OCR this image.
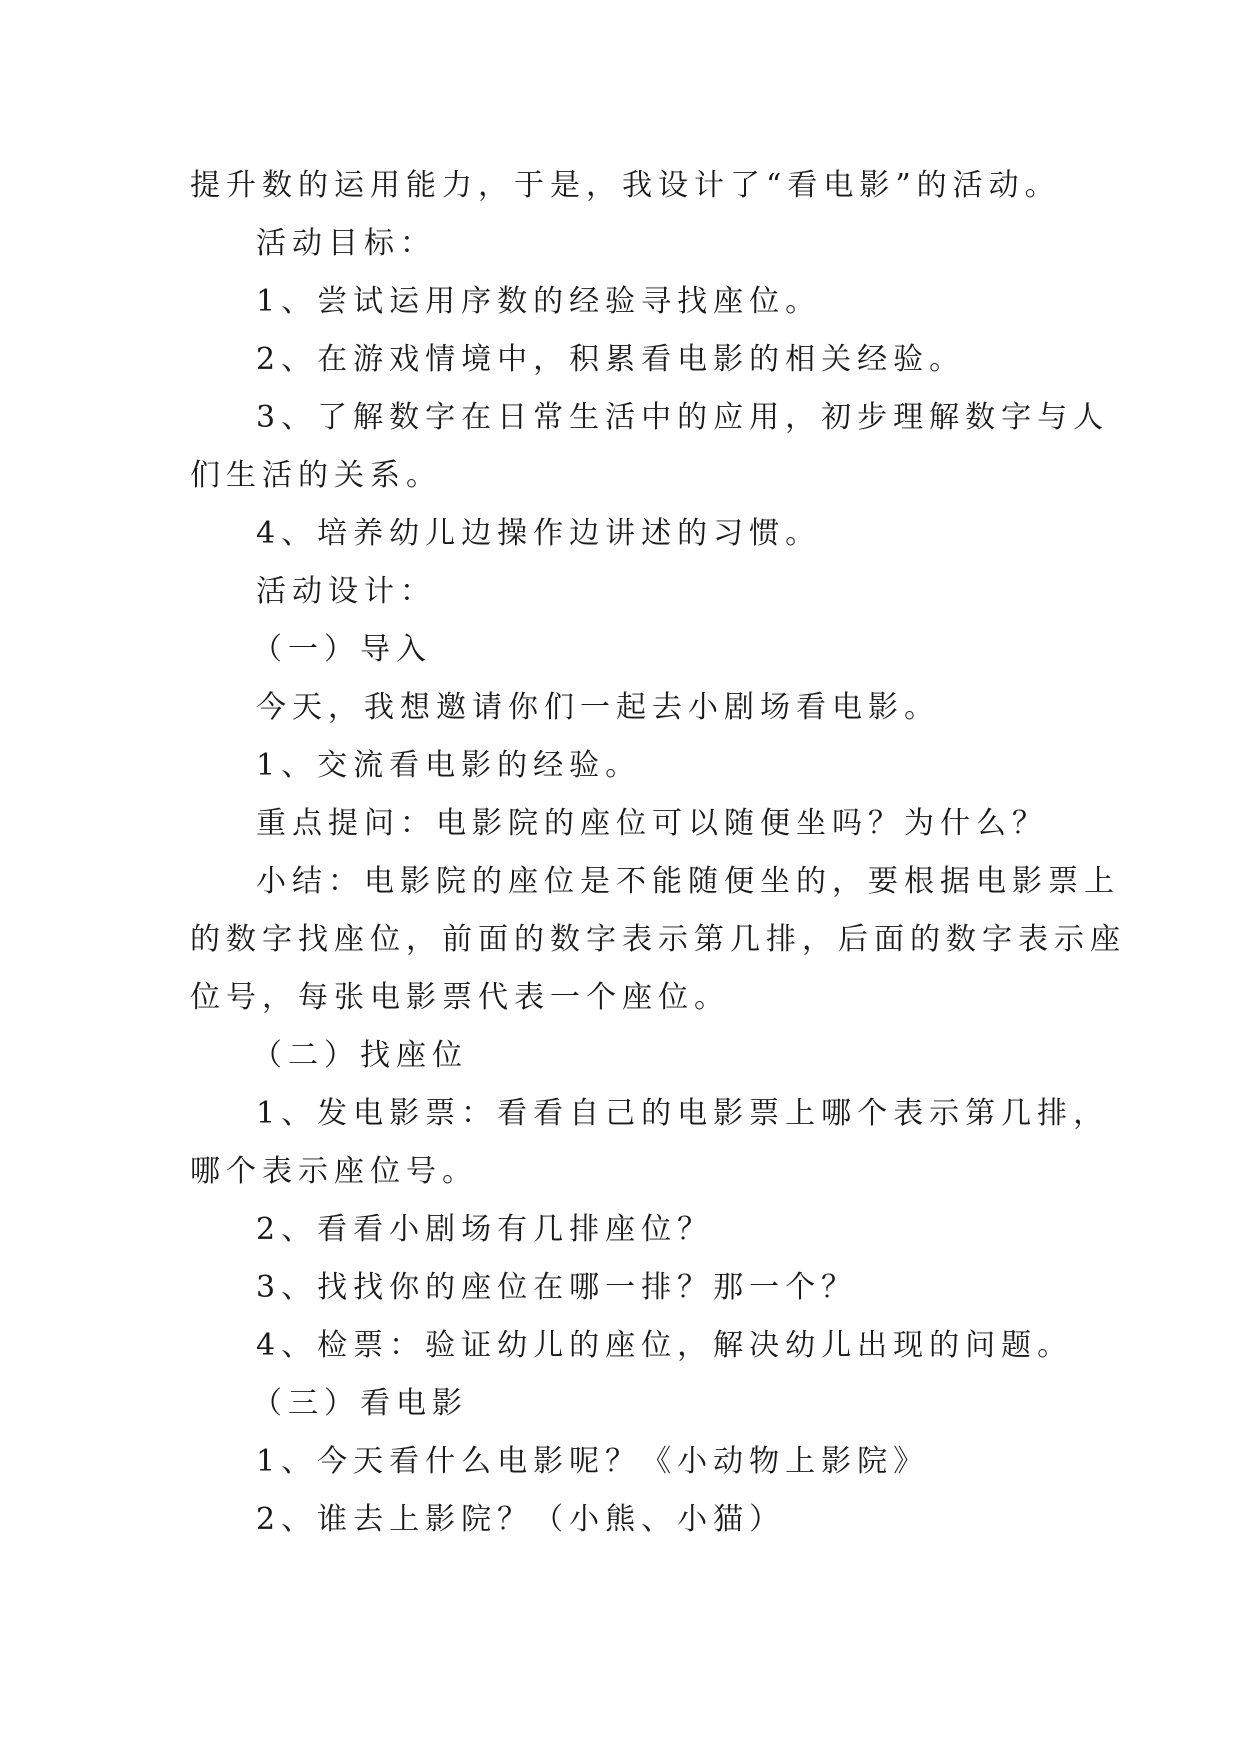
提升数的运用能力，于是，我设计了“看电影”的活动。
活动目标：
1、尝试运用序数的经验寻找座位。
2、在游戏情境中，积累看电影的相关经验。
3、了解数字在日常生活中的应用，初步理解数字与人
们生活的关系。
4、培养幼儿边操作边讲述的习惯。
活动设计：
（一）导入
今天，我想邀请你们一起去小剧场看电影。
1、交流看电影的经验。
重点提问：电影院的座位可以随便坐吗？为什么？
小结：电影院的座位是不能随便坐的，要根据电影票上
的数字找座位，前面的数字表示第几排，后面的数字表示座
位号，每张电影票代表一个座位。
（二）找座位
1、发电影票：看看自己的电影票上哪个表示第几排，
哪个表示座位号。
2、看看小剧场有几排座位？
3、找找你的座位在哪一排？那一个？
4、检票：验证幼儿的座位，解决幼儿出现的问题。
（三）看电影
1、今天看什么电影呢？《小动物上影院》
2、谁去上影院？（小熊、小猫）
